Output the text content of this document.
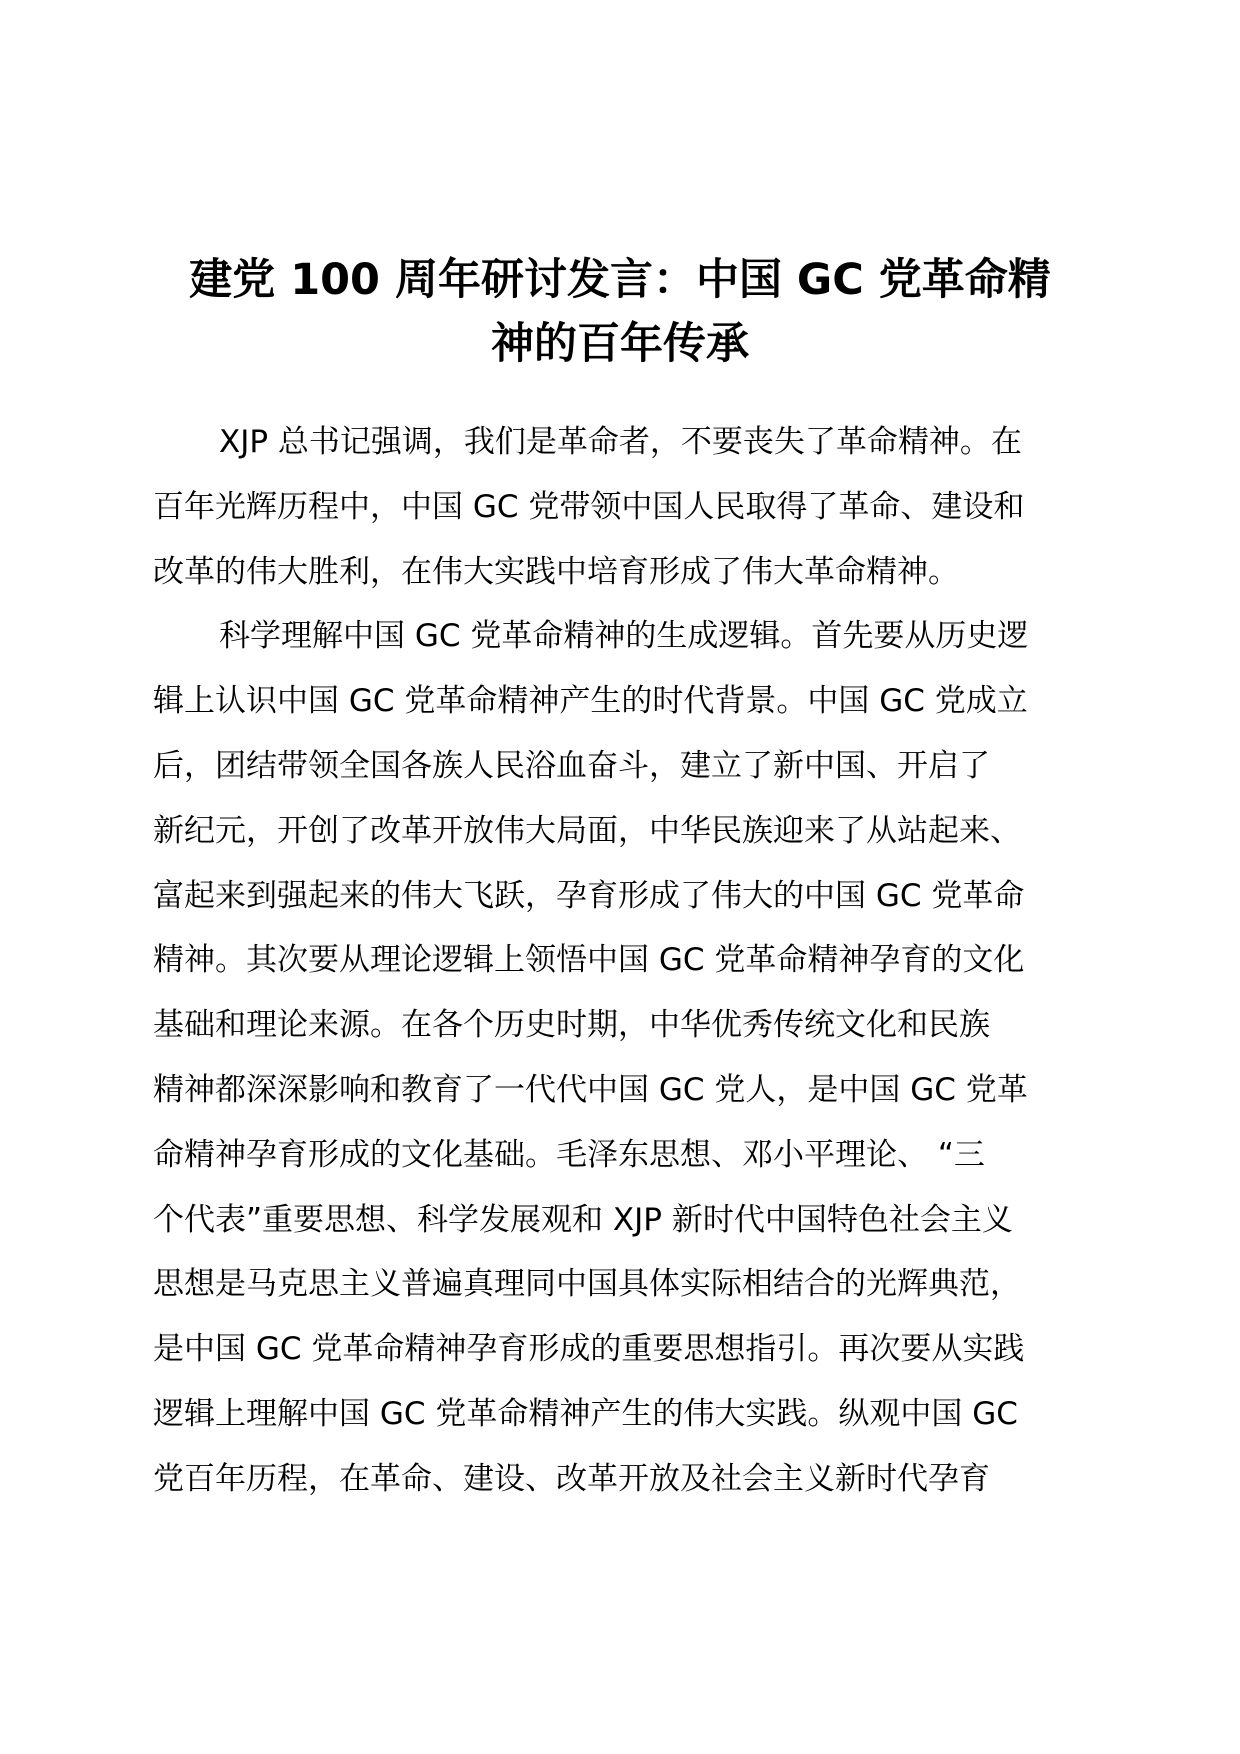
建党 100 周年研讨发言：中国 GC 党革命精
神的百年传承
XJP 总书记强调，我们是革命者，不要丧失了革命精神。在
百年光辉历程中，中国 GC 党带领中国人民取得了革命、建设和
改革的伟大胜利，在伟大实践中培育形成了伟大革命精神。
科学理解中国 GC 党革命精神的生成逻辑。首先要从历史逻
辑上认识中国 GC 党革命精神产生的时代背景。中国 GC 党成立
后，团结带领全国各族人民浴血奋斗，建立了新中国、开启了
新纪元，开创了改革开放伟大局面，中华民族迎来了从站起来、
富起来到强起来的伟大飞跃，孕育形成了伟大的中国 GC 党革命
精神。其次要从理论逻辑上领悟中国 GC 党革命精神孕育的文化
基础和理论来源。在各个历史时期，中华优秀传统文化和民族
精神都深深影响和教育了一代代中国 GC 党人，是中国 GC 党革
命精神孕育形成的文化基础。毛泽东思想、邓小平理论、 “三
个代表”重要思想、科学发展观和 XJP 新时代中国特色社会主义
思想是马克思主义普遍真理同中国具体实际相结合的光辉典范，
是中国 GC 党革命精神孕育形成的重要思想指引。再次要从实践
逻辑上理解中国 GC 党革命精神产生的伟大实践。纵观中国 GC
党百年历程，在革命、建设、改革开放及社会主义新时代孕育
